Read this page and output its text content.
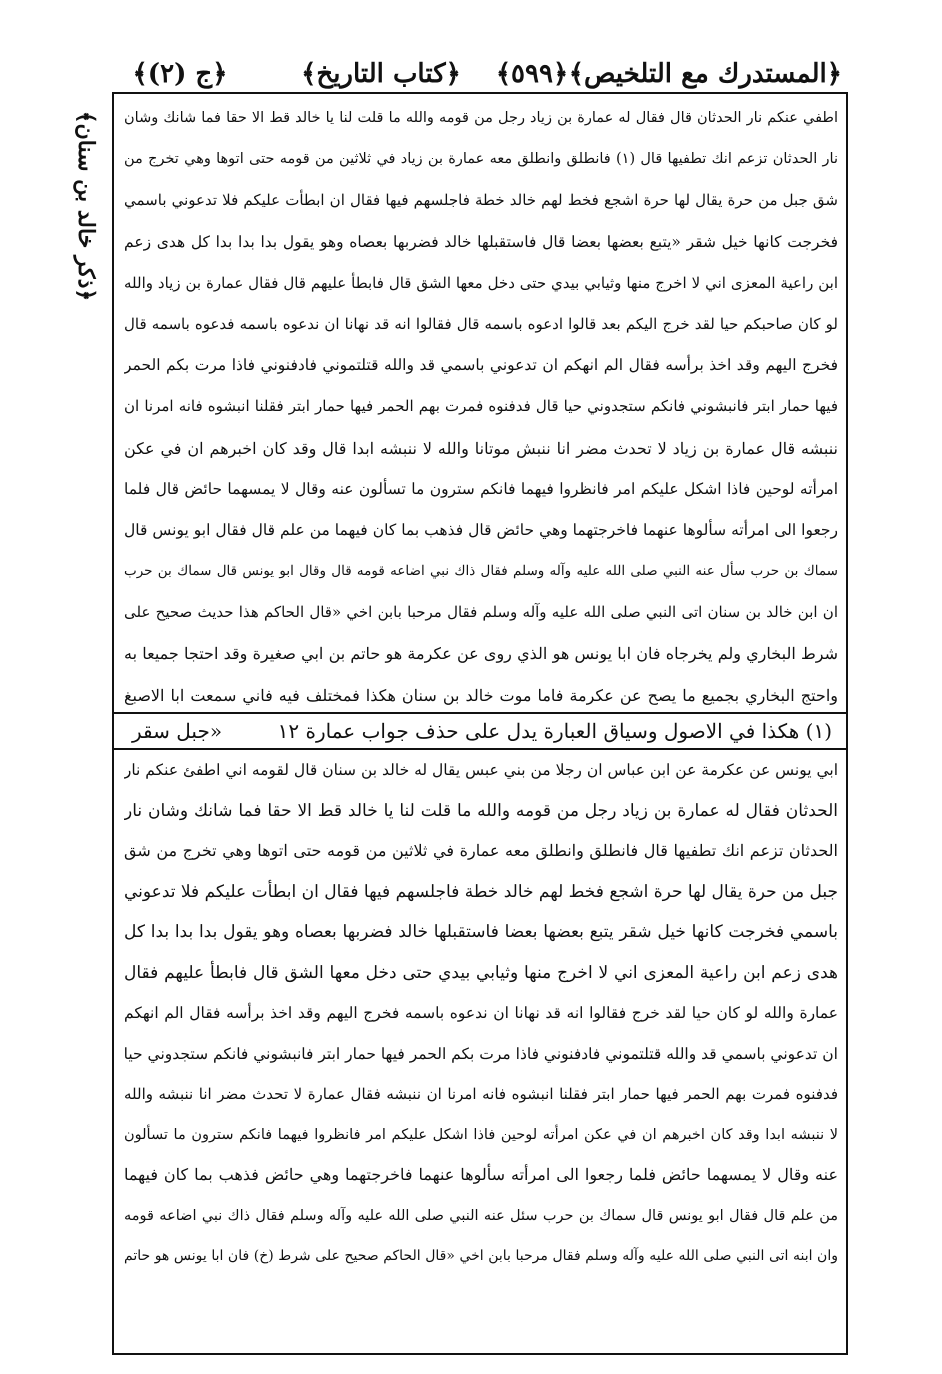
﴿المستدرك مع التلخيص﴾
﴿٥٩٩﴾
﴿كتاب التاريخ﴾
﴿ج (٢)﴾
﴿ذكر خالد بن سنان﴾	اطفي عنكم نار الحدثان قال فقال له عمارة بن زياد رجل من قومه والله ما قلت لنا يا خالد قط الا حقا فما شانك وشان
نار الحدثان تزعم انك تطفيها قال (١) فانطلق وانطلق معه عمارة بن زياد في ثلاثين من قومه حتى اتوها وهي تخرج من
شق جبل من حرة يقال لها حرة اشجع فخط لهم خالد خطة فاجلسهم فيها فقال ان ابطأت عليكم فلا تدعوني باسمي
فخرجت كانها خيل شقر «يتبع بعضها بعضا قال فاستقبلها خالد فضربها بعصاه وهو يقول بدا بدا بدا كل هدى زعم
ابن راعية المعزى اني لا اخرج منها وثيابي بيدي حتى دخل معها الشق قال فابطأ عليهم قال فقال عمارة بن زياد والله
لو كان صاحبكم حيا لقد خرج اليكم بعد قالوا ادعوه باسمه قال فقالوا انه قد نهانا ان ندعوه باسمه فدعوه باسمه قال
فخرج اليهم وقد اخذ برأسه فقال الم انهكم ان تدعوني باسمي قد والله قتلتموني فادفنوني فاذا مرت بكم الحمر
فيها حمار ابتر فانبشوني فانكم ستجدوني حيا قال فدفنوه فمرت بهم الحمر فيها حمار ابتر فقلنا انبشوه فانه امرنا ان
ننبشه قال عمارة بن زياد لا تحدث مضر انا ننبش موتانا والله لا ننبشه ابدا قال وقد كان اخبرهم ان في عكن
امرأته لوحين فاذا اشكل عليكم امر فانظروا فيهما فانكم سترون ما تسألون عنه وقال لا يمسهما حائض قال فلما
رجعوا الى امرأته سألوها عنهما فاخرجتهما وهي حائض قال فذهب بما كان فيهما من علم قال فقال ابو يونس قال
سماك بن حرب سأل عنه النبي صلى الله عليه وآله وسلم فقال ذاك نبي اضاعه قومه قال وقال ابو يونس قال سماك بن حرب
ان ابن خالد بن سنان اتى النبي صلى الله عليه وآله وسلم فقال مرحبا بابن اخي «قال الحاكم هذا حديث صحيح على
شرط البخاري ولم يخرجاه فان ابا يونس هو الذي روى عن عكرمة هو حاتم بن ابي صغيرة وقد احتجا جميعا به
واحتج البخاري بجميع ما يصح عن عكرمة فاما موت خالد بن سنان هكذا فمختلف فيه فاني سمعت ابا الاصبغ
(١) هكذا في الاصول وسياق العبارة يدل على حذف جواب عمارة ١٢
«جبل سقر
ابي يونس عن عكرمة عن ابن عباس ان رجلا من بني عبس يقال له خالد بن سنان قال لقومه اني اطفئ عنكم نار
الحدثان فقال له عمارة بن زياد رجل من قومه والله ما قلت لنا يا خالد قط الا حقا فما شانك وشان نار
الحدثان تزعم انك تطفيها قال فانطلق وانطلق معه عمارة في ثلاثين من قومه حتى اتوها وهي تخرج من شق
جبل من حرة يقال لها حرة اشجع فخط لهم خالد خطة فاجلسهم فيها فقال ان ابطأت عليكم فلا تدعوني
باسمي فخرجت كانها خيل شقر يتبع بعضها بعضا فاستقبلها خالد فضربها بعصاه وهو يقول بدا بدا بدا كل
هدى زعم ابن راعية المعزى اني لا اخرج منها وثيابي بيدي حتى دخل معها الشق قال فابطأ عليهم فقال
عمارة والله لو كان حيا لقد خرج فقالوا انه قد نهانا ان ندعوه باسمه فخرج اليهم وقد اخذ برأسه فقال الم انهكم
ان تدعوني باسمي قد والله قتلتموني فادفنوني فاذا مرت بكم الحمر فيها حمار ابتر فانبشوني فانكم ستجدوني حيا
فدفنوه فمرت بهم الحمر فيها حمار ابتر فقلنا انبشوه فانه امرنا ان ننبشه فقال عمارة لا تحدث مضر انا ننبشه والله
لا ننبشه ابدا وقد كان اخبرهم ان في عكن امرأته لوحين فاذا اشكل عليكم امر فانظروا فيهما فانكم سترون ما تسألون
عنه وقال لا يمسهما حائض فلما رجعوا الى امرأته سألوها عنهما فاخرجتهما وهي حائض فذهب بما كان فيهما
من علم قال فقال ابو يونس قال سماك بن حرب سئل عنه النبي صلى الله عليه وآله وسلم فقال ذاك نبي اضاعه قومه
وان ابنه اتى النبي صلى الله عليه وآله وسلم فقال مرحبا بابن اخي «قال الحاكم صحيح على شرط (خ) فان ابا يونس هو حاتم
